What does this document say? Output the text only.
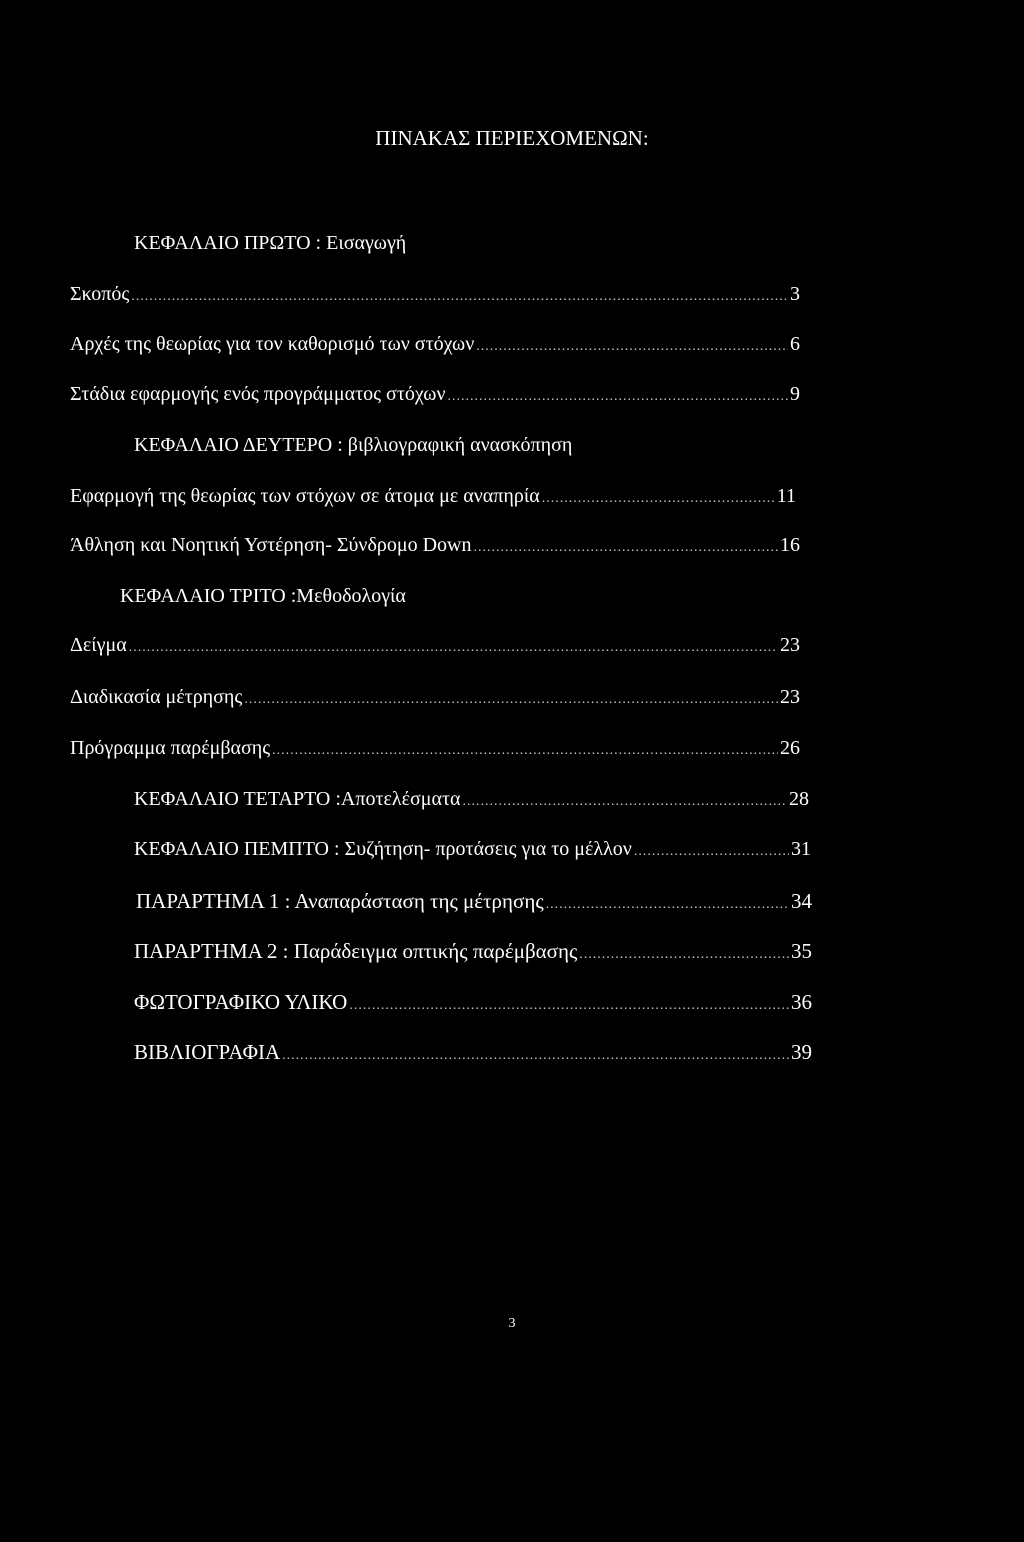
ΠΙΝΑΚΑΣ ΠΕΡΙΕΧΟΜΕΝΩΝ:
ΚΕΦΑΛΑΙΟ ΠΡΩΤΟ : Εισαγωγή
Σκοπός .....	3
Αρχές της θεωρίας για τον καθορισμό των στόχων .....	6
Στάδια εφαρμογής ενός προγράμματος στόχων .....	9
ΚΕΦΑΛΑΙΟ ΔΕΥΤΕΡΟ : βιβλιογραφική ανασκόπηση
Εφαρμογή της θεωρίας των στόχων σε άτομα με αναπηρία .....	11
Άθληση και Νοητική Υστέρηση- Σύνδρομο Down .....	16
ΚΕΦΑΛΑΙΟ ΤΡΙΤΟ :Μεθοδολογία
Δείγμα .....	23
Διαδικασία μέτρησης .....	23
Πρόγραμμα παρέμβασης .....	26
ΚΕΦΑΛΑΙΟ ΤΕΤΑΡΤΟ :Αποτελέσματα .....	28
ΚΕΦΑΛΑΙΟ ΠΕΜΠΤΟ : Συζήτηση- προτάσεις για το μέλλον .....	31
ΠΑΡΑΡΤΗΜΑ 1 : Αναπαράσταση της μέτρησης .....	34
ΠΑΡΑΡΤΗΜΑ 2 : Παράδειγμα οπτικής παρέμβασης .....	35
ΦΩΤΟΓΡΑΦΙΚΟ ΥΛΙΚΟ .....	36
ΒΙΒΛΙΟΓΡΑΦΙΑ .....	39
3
